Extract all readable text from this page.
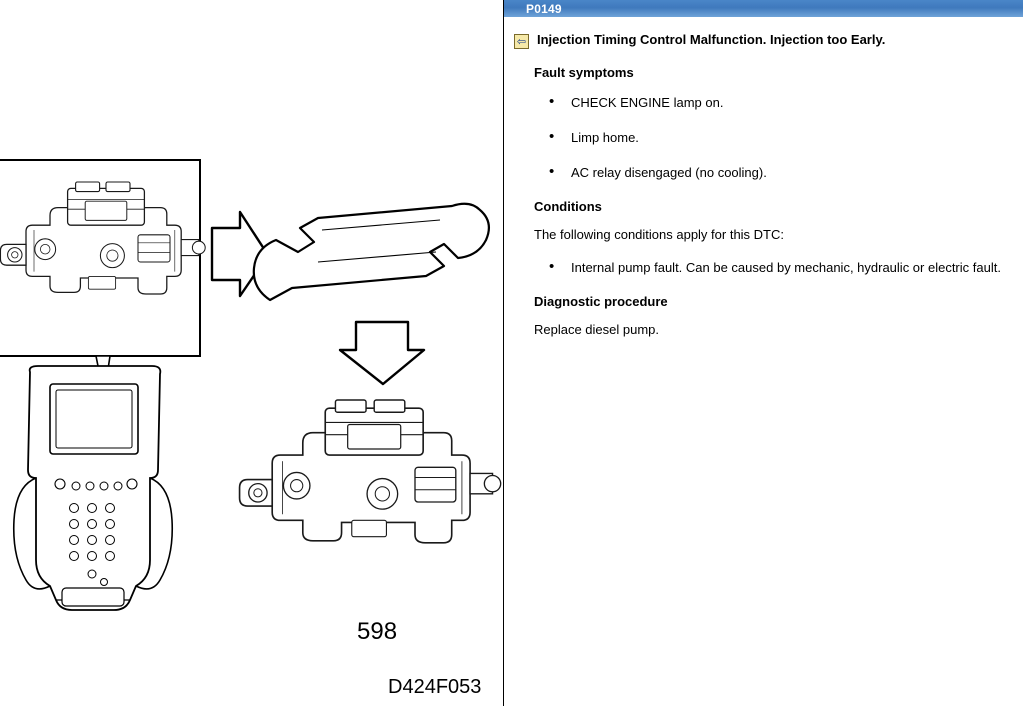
598
D424F053
P0149
⇦ Injection Timing Control Malfunction. Injection too Early.
Fault symptoms
• CHECK ENGINE lamp on.
• Limp home.
• AC relay disengaged (no cooling).
Conditions

The following conditions apply for this DTC:

• Internal pump fault. Can be caused by mechanic, hydraulic or electric fault.
Diagnostic procedure

Replace diesel pump.
